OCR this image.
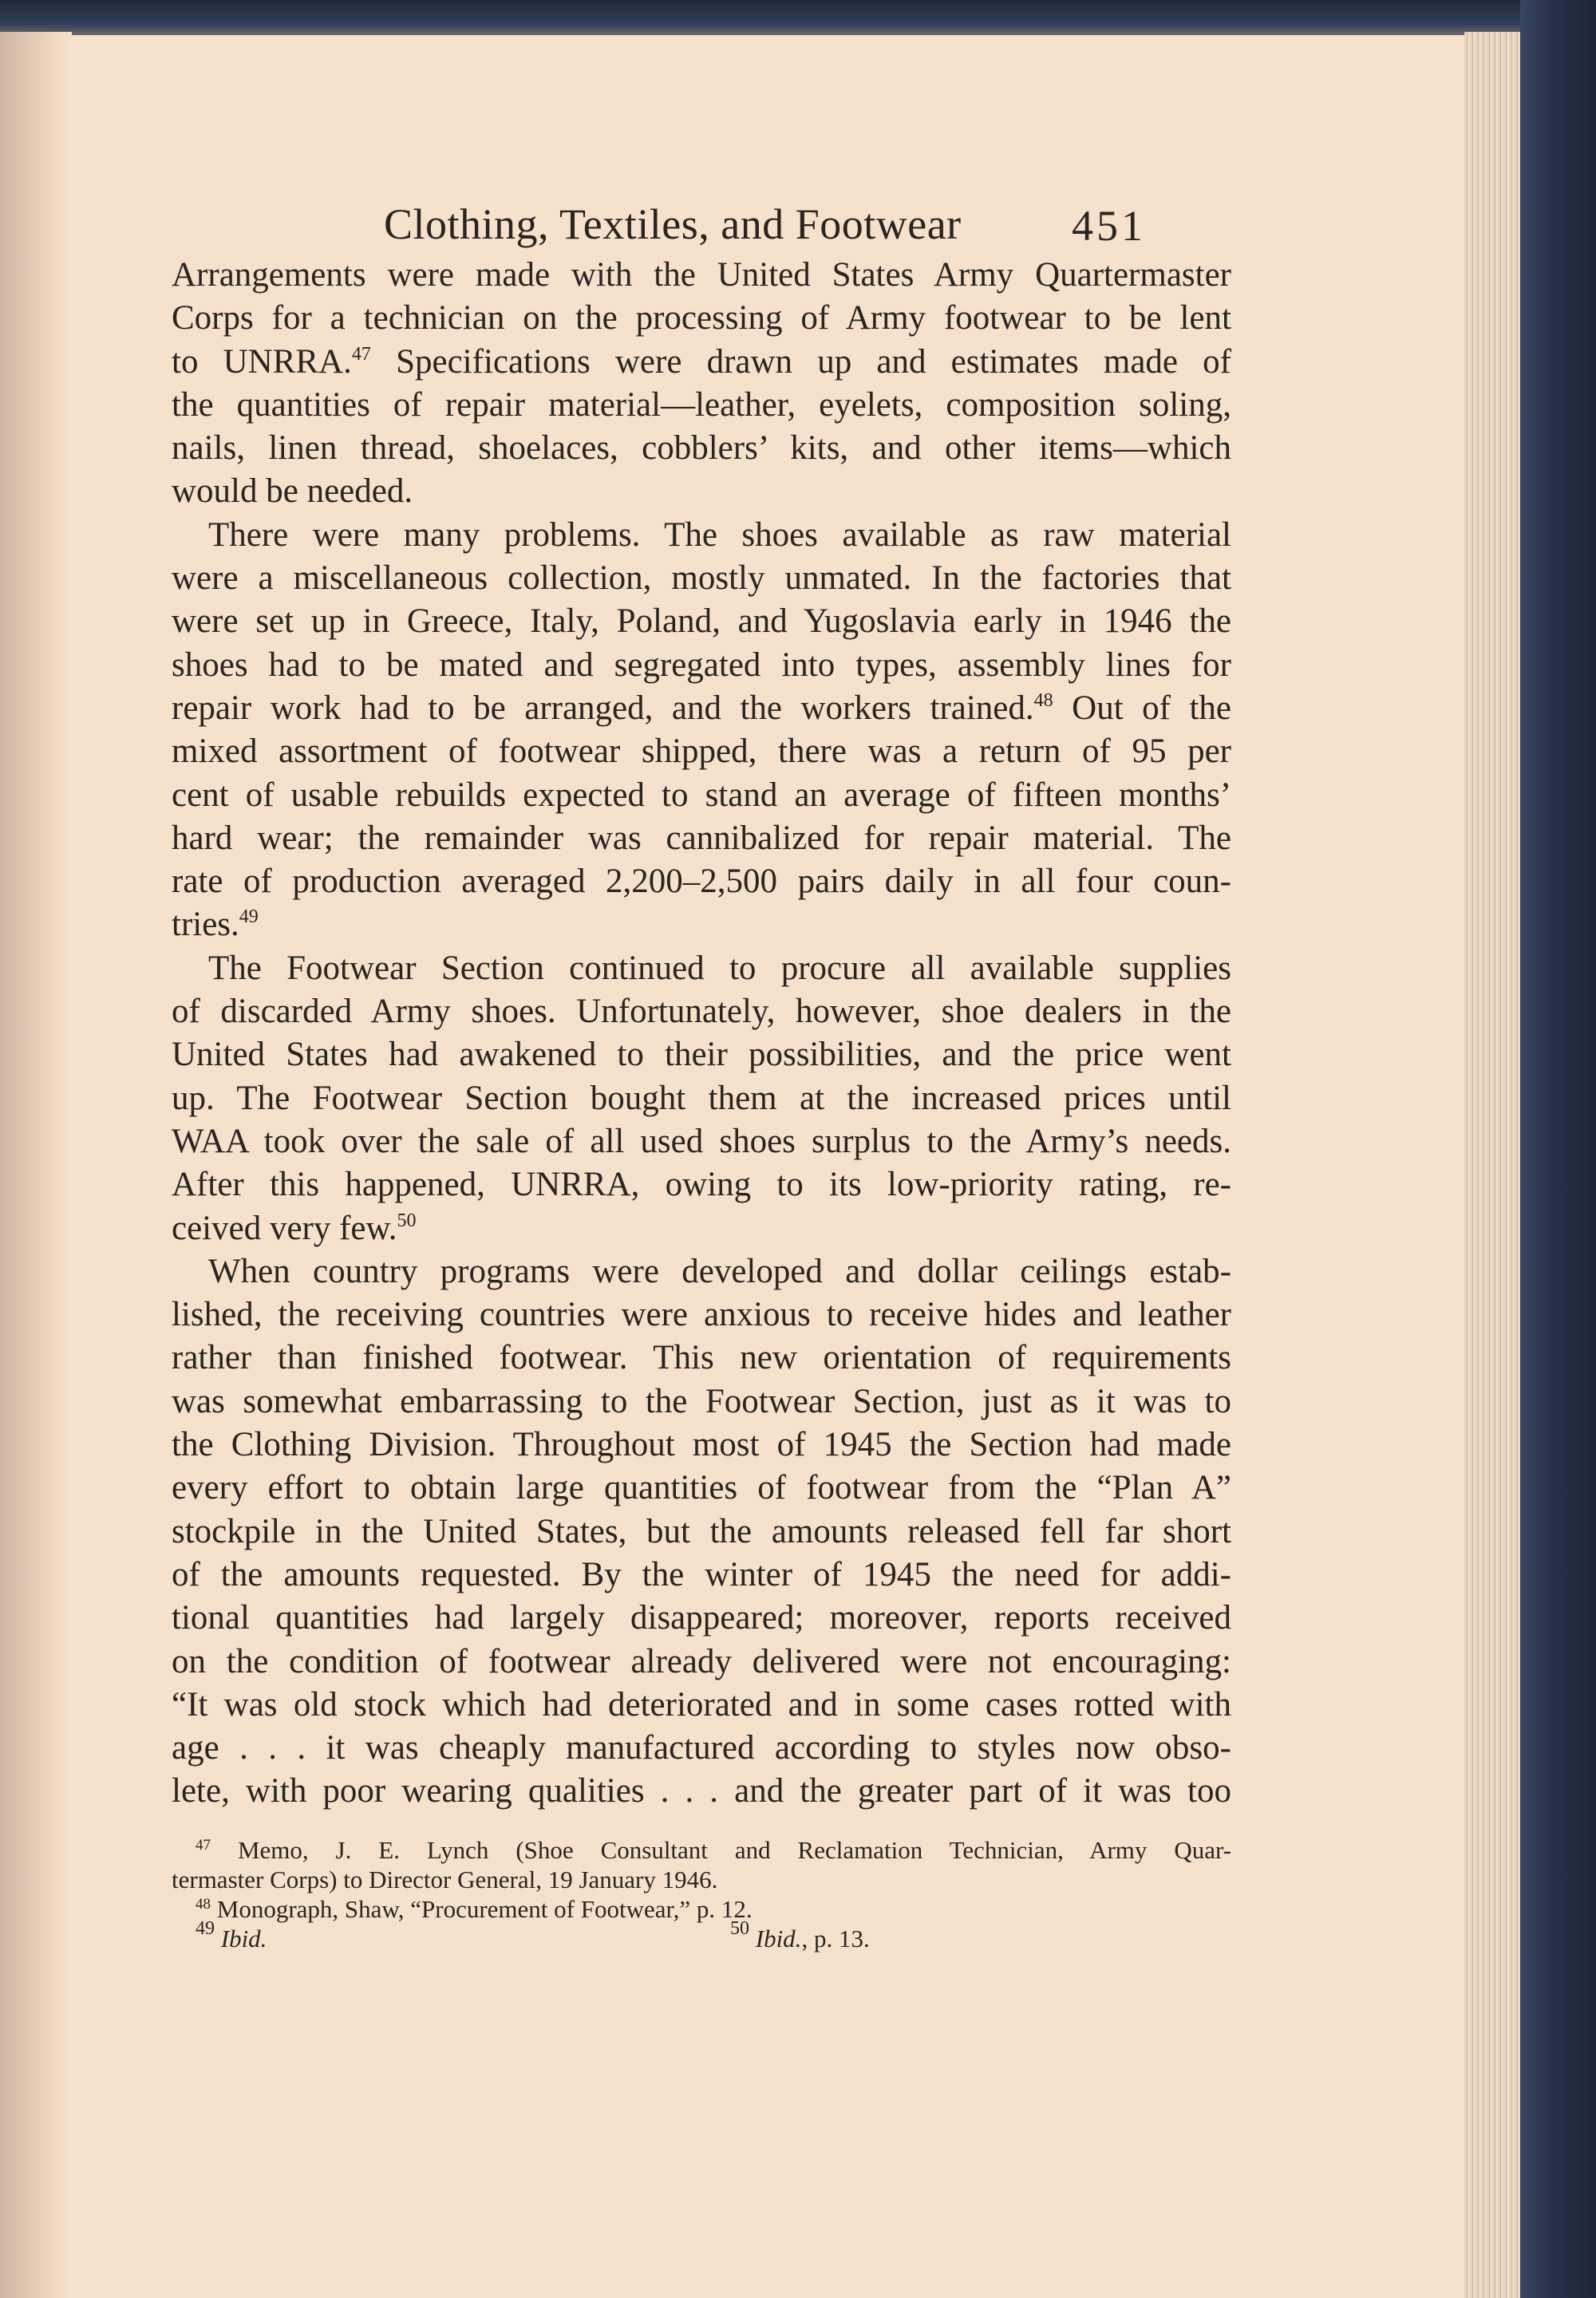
Clothing, Textiles, and Footwear	451
Arrangements were made with the United States Army Quartermaster
Corps for a technician on the processing of Army footwear to be lent
to UNRRA.$^{47}$ Specifications were drawn up and estimates made of
the quantities of repair material—leather, eyelets, composition soling,
nails, linen thread, shoelaces, cobblers’ kits, and other items—which
would be needed.
There were many problems. The shoes available as raw material
were a miscellaneous collection, mostly unmated. In the factories that
were set up in Greece, Italy, Poland, and Yugoslavia early in 1946 the
shoes had to be mated and segregated into types, assembly lines for
repair work had to be arranged, and the workers trained.$^{48}$ Out of the
mixed assortment of footwear shipped, there was a return of 95 per
cent of usable rebuilds expected to stand an average of fifteen months’
hard wear; the remainder was cannibalized for repair material. The
rate of production averaged 2,200–2,500 pairs daily in all four coun-
tries.$^{49}$
The Footwear Section continued to procure all available supplies
of discarded Army shoes. Unfortunately, however, shoe dealers in the
United States had awakened to their possibilities, and the price went
up. The Footwear Section bought them at the increased prices until
WAA took over the sale of all used shoes surplus to the Army’s needs.
After this happened, UNRRA, owing to its low-priority rating, re-
ceived very few.$^{50}$
When country programs were developed and dollar ceilings estab-
lished, the receiving countries were anxious to receive hides and leather
rather than finished footwear. This new orientation of requirements
was somewhat embarrassing to the Footwear Section, just as it was to
the Clothing Division. Throughout most of 1945 the Section had made
every effort to obtain large quantities of footwear from the “Plan A”
stockpile in the United States, but the amounts released fell far short
of the amounts requested. By the winter of 1945 the need for addi-
tional quantities had largely disappeared; moreover, reports received
on the condition of footwear already delivered were not encouraging:
“It was old stock which had deteriorated and in some cases rotted with
age . . . it was cheaply manufactured according to styles now obso-
lete, with poor wearing qualities . . . and the greater part of it was too
$^{47}$ Memo, J. E. Lynch (Shoe Consultant and Reclamation Technician, Army Quar-
termaster Corps) to Director General, 19 January 1946.
$^{48}$ Monograph, Shaw, “Procurement of Footwear,” p. 12.
$^{49}$ Ibid.	$^{50}$ Ibid., p. 13.
